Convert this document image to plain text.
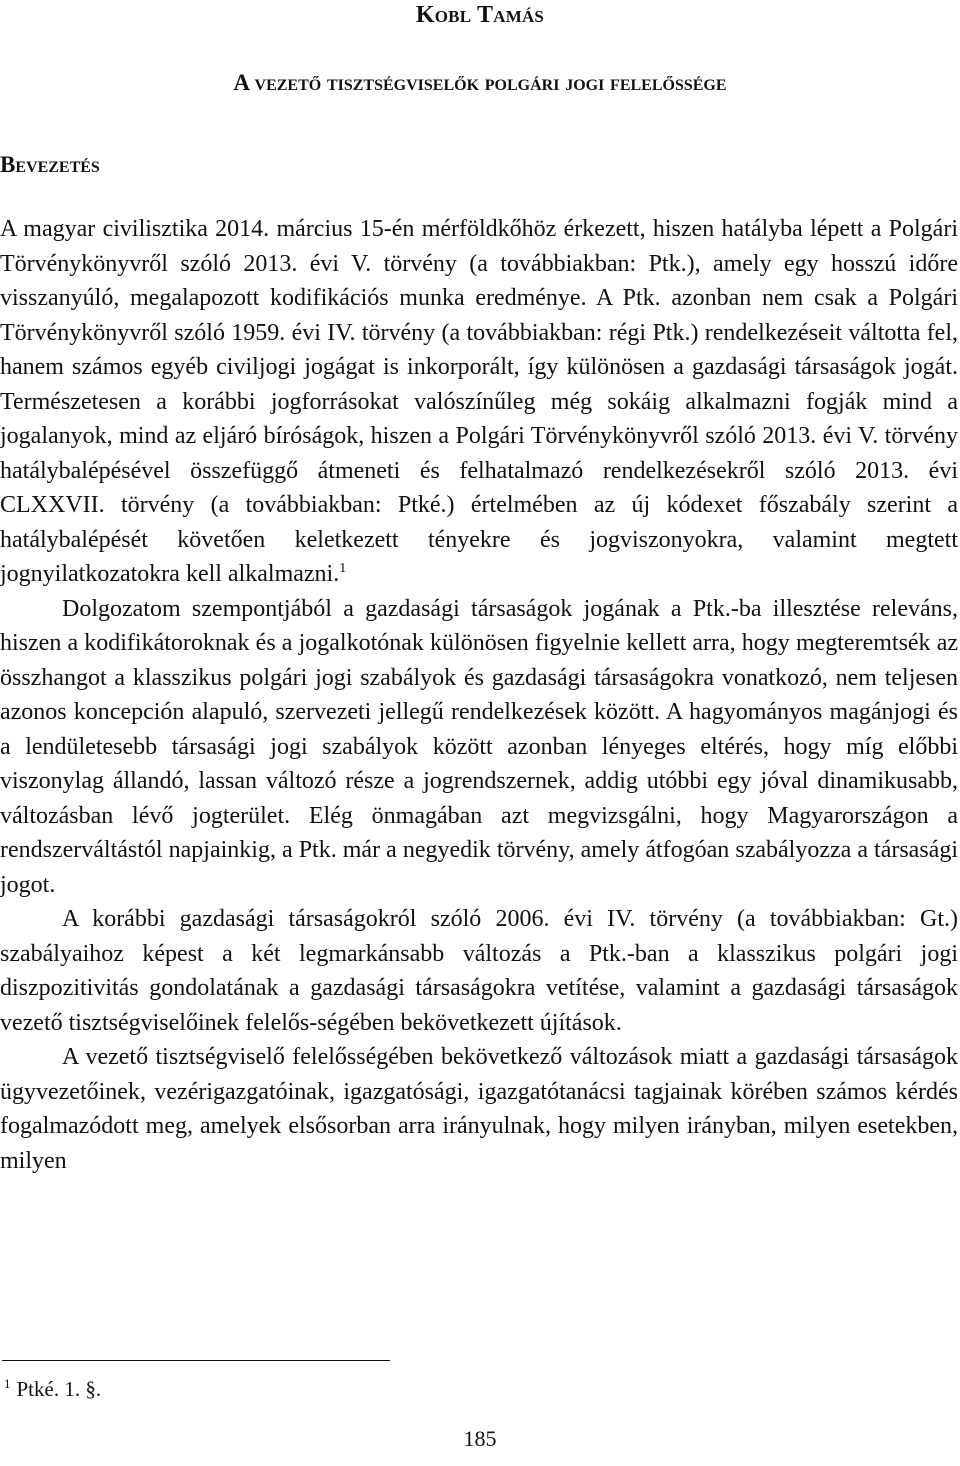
Kobl Tamás
A vezető tisztségviselők polgári jogi felelőssége
Bevezetés

A magyar civilisztika 2014. március 15-én mérföldkőhöz érkezett, hiszen hatályba lépett a Polgári Törvénykönyvről szóló 2013. évi V. törvény (a továbbiakban: Ptk.), amely egy hosszú időre visszanyúló, megalapozott kodifikációs munka eredménye. A Ptk. azonban nem csak a Polgári Törvénykönyvről szóló 1959. évi IV. törvény (a továbbiakban: régi Ptk.) rendelkezéseit váltotta fel, hanem számos egyéb civiljogi jogágat is inkorporált, így különösen a gazdasági társaságok jogát. Természetesen a korábbi jogforrásokat valószínűleg még sokáig alkalmazni fogják mind a jogalanyok, mind az eljáró bíróságok, hiszen a Polgári Törvénykönyvről szóló 2013. évi V. törvény hatálybalépésével összefüggő átmeneti és felhatalmazó rendelkezésekről szóló 2013. évi CLXXVII. törvény (a továbbiakban: Ptké.) értelmében az új kódexet főszabály szerint a hatálybalépését követően keletkezett tényekre és jogviszonyokra, valamint megtett jognyilatkozatokra kell alkalmazni.$^1$

Dolgozatom szempontjából a gazdasági társaságok jogának a Ptk.-ba illesztése releváns, hiszen a kodifikátoroknak és a jogalkotónak különösen figyelnie kellett arra, hogy megteremtsék az összhangot a klasszikus polgári jogi szabályok és gazdasági társaságokra vonatkozó, nem teljesen azonos koncepción alapuló, szervezeti jellegű rendelkezések között. A hagyományos magánjogi és a lendületesebb társasági jogi szabályok között azonban lényeges eltérés, hogy míg előbbi viszonylag állandó, lassan változó része a jogrendszernek, addig utóbbi egy jóval dinamikusabb, változásban lévő jogterület. Elég önmagában azt megvizsgálni, hogy Magyarországon a rendszerváltástól napjainkig, a Ptk. már a negyedik törvény, amely átfogóan szabályozza a társasági jogot.

A korábbi gazdasági társaságokról szóló 2006. évi IV. törvény (a továbbiakban: Gt.) szabályaihoz képest a két legmarkánsabb változás a Ptk.-ban a klasszikus polgári jogi diszpozitivitás gondolatának a gazdasági társaságokra vetítése, valamint a gazdasági társaságok vezető tisztségviselőinek felelős-ségében bekövetkezett újítások.

A vezető tisztségviselő felelősségében bekövetkező változások miatt a gazdasági társaságok ügyvezetőinek, vezérigazgatóinak, igazgatósági, igazgatótanácsi tagjainak körében számos kérdés fogalmazódott meg, amelyek elsősorban arra irányulnak, hogy milyen irányban, milyen esetekben, milyen

$^1$ Ptké. 1. §.
185
